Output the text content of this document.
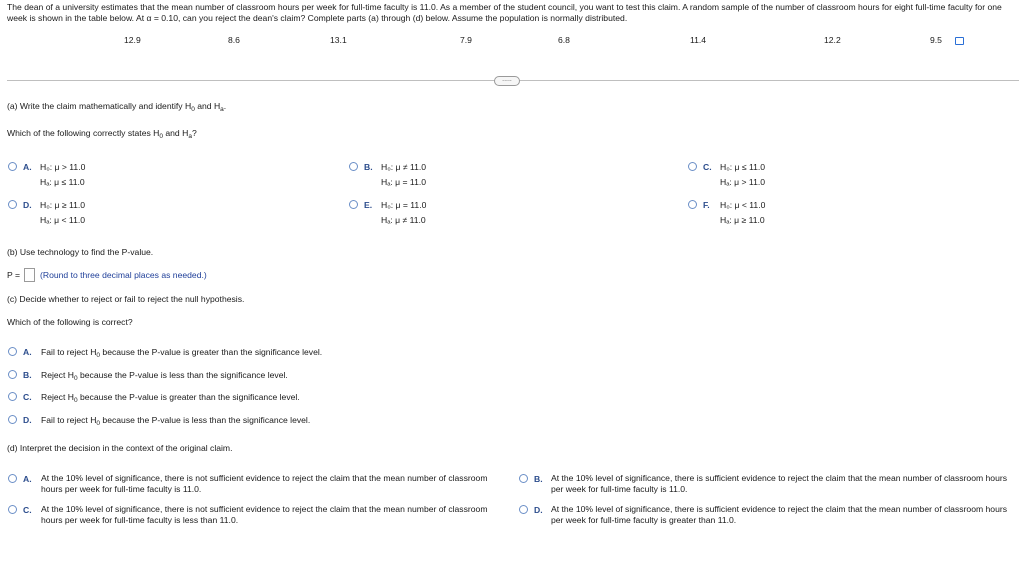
The dean of a university estimates that the mean number of classroom hours per week for full-time faculty is 11.0. As a member of the student council, you want to test this claim. A random sample of the number of classroom hours for eight full-time faculty for one week is shown in the table below. At α = 0.10, can you reject the dean's claim? Complete parts (a) through (d) below. Assume the population is normally distributed.
12.9	8.6	13.1	7.9	6.8	11.4	12.2	9.5
.....
(a) Write the claim mathematically and identify $H_0$ and $H_a$.
Which of the following correctly states $H_0$ and $H_a$?
A. H₀: μ > 11.0
Hₐ: μ ≤ 11.0
B. H₀: μ ≠ 11.0
Hₐ: μ = 11.0
C. H₀: μ ≤ 11.0
Hₐ: μ > 11.0
D. H₀: μ ≥ 11.0
Hₐ: μ < 11.0
E. H₀: μ = 11.0
Hₐ: μ ≠ 11.0
F. H₀: μ < 11.0
Hₐ: μ ≥ 11.0
(b) Use technology to find the P-value.
P = (Round to three decimal places as needed.)
(c) Decide whether to reject or fail to reject the null hypothesis.
Which of the following is correct?
A. Fail to reject $H_0$ because the P-value is greater than the significance level.
B. Reject $H_0$ because the P-value is less than the significance level.
C. Reject $H_0$ because the P-value is greater than the significance level.
D. Fail to reject $H_0$ because the P-value is less than the significance level.
(d) Interpret the decision in the context of the original claim.
A. At the 10% level of significance, there is not sufficient evidence to reject the claim that the mean number of classroom hours per week for full-time faculty is 11.0.
B. At the 10% level of significance, there is sufficient evidence to reject the claim that the mean number of classroom hours per week for full-time faculty is 11.0.
C. At the 10% level of significance, there is not sufficient evidence to reject the claim that the mean number of classroom hours per week for full-time faculty is less than 11.0.
D. At the 10% level of significance, there is sufficient evidence to reject the claim that the mean number of classroom hours per week for full-time faculty is greater than 11.0.
